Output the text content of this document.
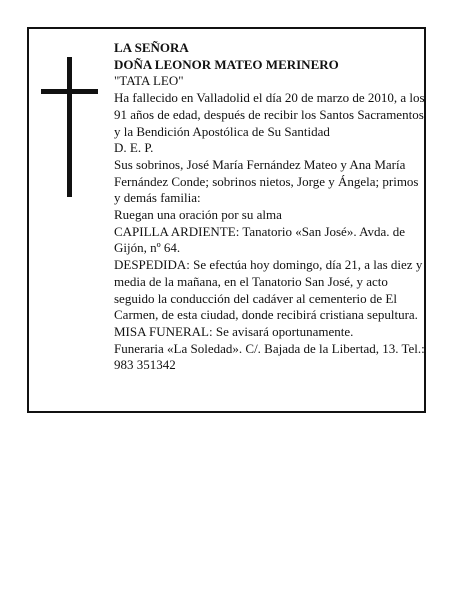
LA SEÑORA

DOÑA LEONOR MATEO MERINERO

"TATA LEO"

Ha fallecido en Valladolid el día 20 de marzo de 2010, a los 91 años de edad, después de recibir los Santos Sacramentos y la Bendición Apostólica de Su Santidad

D. E. P.

Sus sobrinos, José María Fernández Mateo y Ana María Fernández Conde; sobrinos nietos, Jorge y Ángela; primos y demás familia:

Ruegan una oración por su alma

CAPILLA ARDIENTE: Tanatorio «San José». Avda. de Gijón, nº 64.

DESPEDIDA: Se efectúa hoy domingo, día 21, a las diez y media de la mañana, en el Tanatorio San José, y acto seguido la conducción del cadáver al cementerio de El Carmen, de esta ciudad, donde recibirá cristiana sepultura.

MISA FUNERAL: Se avisará oportunamente.

Funeraria «La Soledad». C/. Bajada de la Libertad, 13. Tel.: 983 351342
